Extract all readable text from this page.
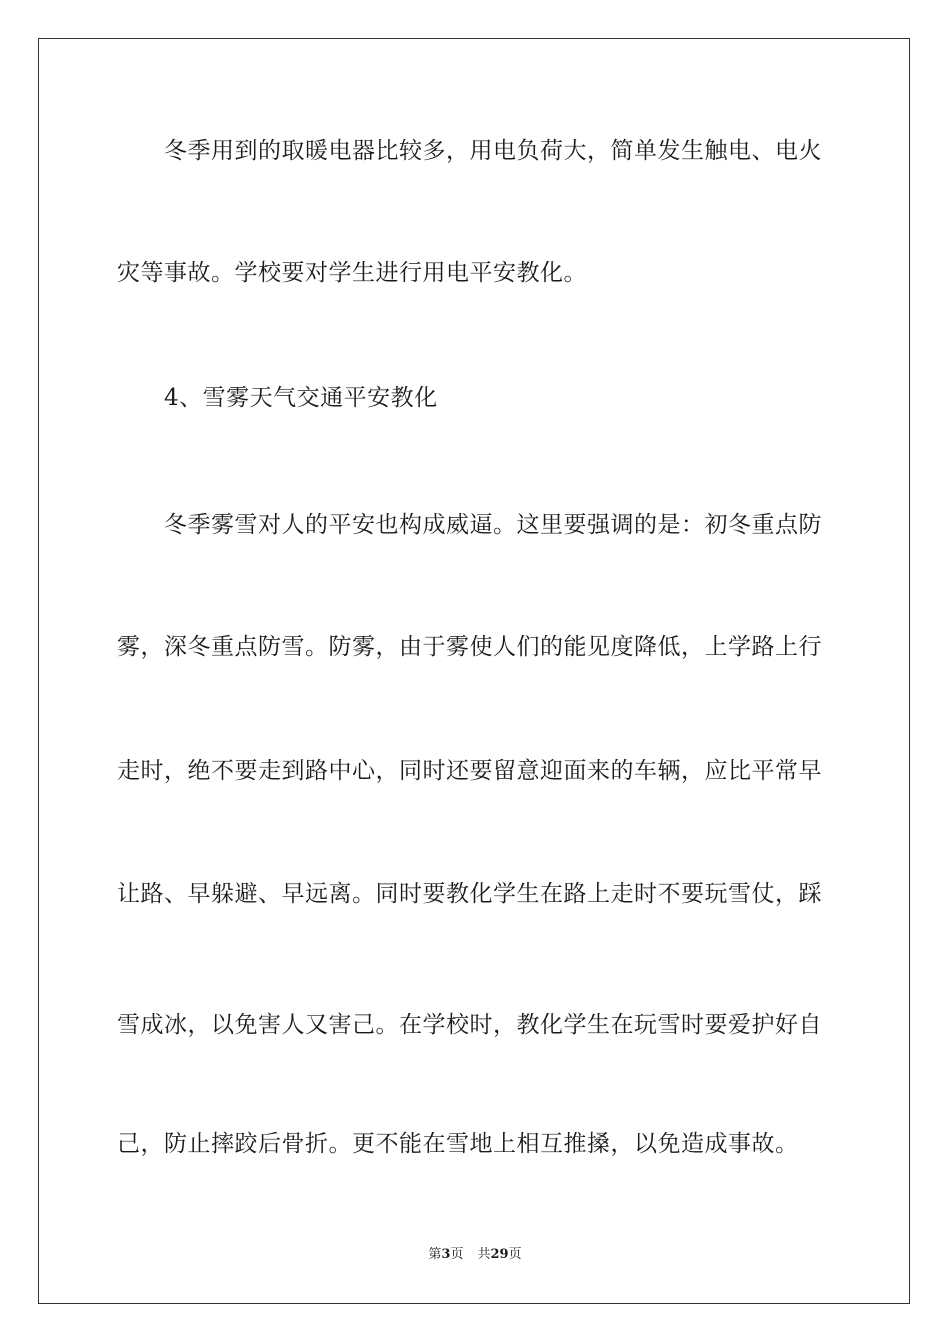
冬季用到的取暖电器比较多，用电负荷大，简单发生触电、电火
灾等事故。学校要对学生进行用电平安教化。
4、雪雾天气交通平安教化
冬季雾雪对人的平安也构成威逼。这里要强调的是：初冬重点防
雾，深冬重点防雪。防雾，由于雾使人们的能见度降低，上学路上行
走时，绝不要走到路中心，同时还要留意迎面来的车辆，应比平常早
让路、早躲避、早远离。同时要教化学生在路上走时不要玩雪仗，踩
雪成冰，以免害人又害己。在学校时，教化学生在玩雪时要爱护好自
己，防止摔跤后骨折。更不能在雪地上相互推搡，以免造成事故。
第3页 共29页
